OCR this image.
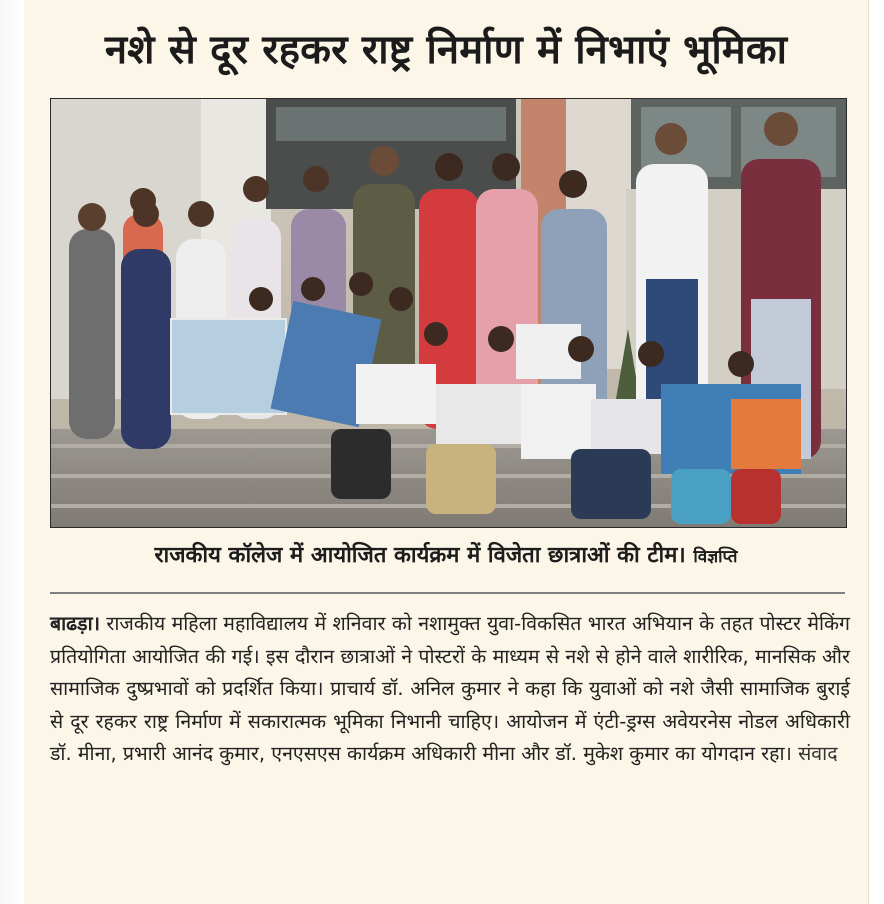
नशे से दूर रहकर राष्ट्र निर्माण में निभाएं भूमिका
राजकीय कॉलेज में आयोजित कार्यक्रम में विजेता छात्राओं की टीम। विज्ञप्ति

बाढड़ा। राजकीय महिला महाविद्यालय में शनिवार को नशामुक्त युवा-विकसित भारत अभियान के तहत पोस्टर मेकिंग प्रतियोगिता आयोजित की गई। इस दौरान छात्राओं ने पोस्टरों के माध्यम से नशे से होने वाले शारीरिक, मानसिक और सामाजिक दुष्प्रभावों को प्रदर्शित किया। प्राचार्य डॉ. अनिल कुमार ने कहा कि युवाओं को नशे जैसी सामाजिक बुराई से दूर रहकर राष्ट्र निर्माण में सकारात्मक भूमिका निभानी चाहिए। आयोजन में एंटी-ड्रग्स अवेयरनेस नोडल अधिकारी डॉ. मीना, प्रभारी आनंद कुमार, एनएसएस कार्यक्रम अधिकारी मीना और डॉ. मुकेश कुमार का योगदान रहा। संवाद
